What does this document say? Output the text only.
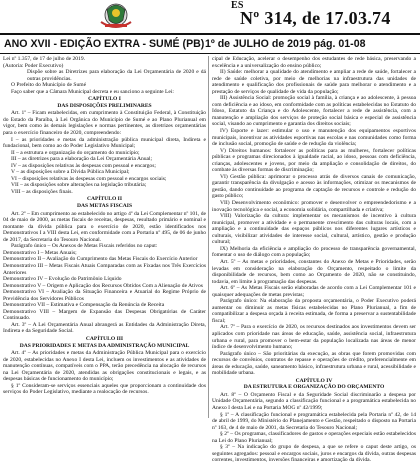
ES
Nº 314, de 17.03.74
ANO XVII - EDIÇÃO EXTRA - SUMÉ (PB) 1º de JULHO de 2019 pág. 01-08

Lei nº 1.357, de 17 de julho de 2019.

(Autoria: Poder Executivo)

Dispõe sobre as Diretrizes para elaboração da Lei Orçamentária de 2020 e dá outras providências.

O Prefeito do Município de Sumé

Faço saber que a Câmara Municipal decreta e eu sanciono a seguinte Lei:

CAPÍTULO I

DAS DISPOSIÇÕES PRELIMINARES

Art. 1º – Ficam estabelecidas, em cumprimento à Constituição Federal, à Constituição do Estado da Paraíba, à Lei Orgânica do Município de Sumé e ao Plano Plurianual em vigor, bem como às demais legislações e normas pertinentes, as diretrizes orçamentárias para o exercício financeiro de 2020, compreendendo:

I – as prioridades e metas da administração pública municipal direta, Indireta e fundacional, bem como ao do Poder Legislativo Municipal;

II – a estrutura e organização do orçamento do município;

III – as diretrizes para a elaboração da Lei Orçamentária Anual;

IV – as disposições relativas às despesas com pessoal e encargos;

V – as disposições sobre a Dívida Pública Municipal;

VI – disposições relativas às despesas com pessoal e encargos sociais;

VII – as disposições sobre alterações na legislação tributária;

VIII – as disposições finais.

CAPÍTULO II

DAS METAS FISCAIS

Art. 2º – Em cumprimento ao estabelecido no artigo 4º da Lei Complementar nº 101, de 04 de maio de 2000, as metas fiscais de receitas, despesas, resultado primário e nominal e montante da dívida pública para o exercício de 2020, estão identificados nos Demonstrativos I a VIII desta Lei, em conformidade com a Portaria nº 495, de 06 de junho de 2017, da Secretaria do Tesouro Nacional.

Parágrafo único – Os Anexos de Metas Fiscais referidos no caput:

Demonstrativo I – Metas Anuais;

Demonstrativo II – Avaliação do Cumprimento das Metas Fiscais do Exercício Anterior

Demonstrativo III – Metas Fiscais Atuais Comparadas com as Fixadas nos Três Exercícios Anteriores

Demonstrativo IV – Evolução do Patrimônio Líquido

Demonstrativo V – Origem e Aplicação dos Recursos Obtidos Com a Alienação de Ativos

Demonstrativo VI – Avaliação da Situação Financeira e Atuarial do Regime Próprio de Previdência dos Servidores Públicos

Demonstrativo VII – Estimativa e Compensação da Renúncia de Receita

Demonstrativo VIII – Margem de Expansão das Despesas Obrigatórias de Caráter Continuado.

Art. 3º – A Lei Orçamentária Anual abrangerá as Entidades da Administração Direta, Indireta e da Seguridade Social.

CAPÍTULO III

DAS PRIORIDADES E METAS DA ADMINISTRAÇÃO MUNICIPAL

Art. 4º – As prioridades e metas da Administração Pública Municipal para o exercício de 2020, estabelecidas no Anexo I desta Lei, incluem os investimentos e as atividades de manutenção contínuas, compatíveis com o PPA, terão precedência na alocação de recursos na Lei Orçamentária de 2020, atendidas as obrigações constitucionais e legais, e as despesas básicas de funcionamento do município;

§ 1º Consideram-se serviços essenciais aqueles que proporcionam a continuidade dos serviços do Poder Legislativo, mediante a realocação de recursos.

cipal de Educação, acelerar o desempenho dos estudantes de rede básica, preservando a excelência e a universalização do ensino público;

II) Saúde: melhorar a qualidade do atendimento e ampliar a rede de saúde, fortalecer a rede de saúde coletiva, por meio de melhorias na infraestrutura das unidades de atendimento e qualificação dos profissionais de saúde para melhorar o atendimento e a prestação de serviços de qualidade de vida da população;

III) Assistência Social: promoção social à família, à criança e ao adolescente, à pessoa com deficiência e ao idoso, em conformidade com as políticas estabelecidas no Estatuto do Idoso, Estatuto da Criança e do Adolescente, fortalecer a rede de assistência, com a manutenção e ampliação dos serviços de proteção social básica e especial de assistência social, visando ao cumprimento e garantia dos direitos sociais;

IV) Esporte e lazer: estimular o uso e manutenção dos equipamentos esportivos municipais, incentivar as atividades esportivas nas escolas e nas comunidades como forma de inclusão social, promoção de saúde e de redução da violência;

V) Direitos humanos: fortalecer as políticas para as mulheres, fortalecer políticas públicas e programas direcionados à igualdade racial, ao idoso, pessoas com deficiência, crianças, adolescentes e jovens, por meio da ampliação e consolidação de direitos, do combate às diversas formas de discriminação;

VI) Gestão pública: aprimorar o processo atrás de diversos canais de comunicação, garantir transparência da divulgação e acesso às informações, otimizar os mecanismos de gestão, dando continuidade ao programa de captação de recursos e controle e redução do gasto público;

VII) Desenvolvimento econômico: promover e desenvolver o empreendedorismo e a inovação tecnológica e social, a economia solidária, compartilhada e criativa;

VIII) Valorização da cultura: implementar os mecanismos de incentivo à cultura municipal, promover a atividade e o permanente crescimento das culturas locais, com a ampliação e a continuidade das espaços públicos nos diferentes lugares artísticos e culturais, visibilizar atividades de interesse social, cultural, artístico, gestão e produção cultural;

IX) Melhoria da eficiência e ampliação do processo de transparência governamental, fomentar o uso de diálogo com a população;

Art. 5º – As metas e prioridades, constantes do Anexo de Metas e Prioridades, serão levadas em consideração na elaboração do Orçamento, respeitado o limite da disponibilidade de recursos, bem como ao Orçamento de 2020, não se constituindo, todavia, em limite à programação das despesas.

Art. 6º – As Metas Fiscais serão elaboradas de acordo com a Lei Complementar 101 e quaisquer adequações de metas previstas;

Parágrafo único: Na elaboração da proposta orçamentária, o Poder Executivo poderá aumentar ou diminuir as metas físicas estabelecidas no Plano Plurianual, a fim de compatibilizar a despesa orçada à receita estimada, de forma a preservar a sustentabilidade fiscal;

Art. 7º – Para o exercício de 2020, os recursos destinados aos investimentos devem ser aplicados com prioridade nas áreas de educação, saúde, assistência social, infraestrutura urbana e rural, para promover o bem-estar da população localizada nas áreas de menor índice de desenvolvimento humano;

Parágrafo único – São prioritárias da execução, as obras que forem promovidas com recursos de convênios, contratos de repasse e operações de crédito, preferencialmente em áreas de educação, saúde, saneamento básico, infraestrutura urbana e rural, acessibilidade e mobilidade urbana.

CAPÍTULO IV

DA ESTRUTURA E ORGANIZAÇÃO DO ORÇAMENTO

Art. 8º – O Orçamento Fiscal e da Seguridade Social discriminarão a despesa por Unidade Orçamentária, segundo a classificação funcional e a programática estabelecida no Anexo I desta Lei e na Portaria MOG nº 42/1999;

§ 1º – A classificação funcional e programática estabelecida pela Portaria nº 42, de 14 de abril de 1999, do Ministério do Planejamento e Gestão, respeitado o disposto na Portaria nº 163, de 4 de maio de 2001, da Secretaria do Tesouro Nacional;

§ 2º – Os programas, classificadores de gastos e operações especiais estão estabelecidos na Lei do Plano Plurianual;

§ 3º – Na indicação do grupo de despesa, a que se refere o caput deste artigo, os seguintes agregados: pessoal e encargos sociais, juros e encargos da dívida, outras despesas correntes, investimentos, inversões financeiras e amortização da dívida.
